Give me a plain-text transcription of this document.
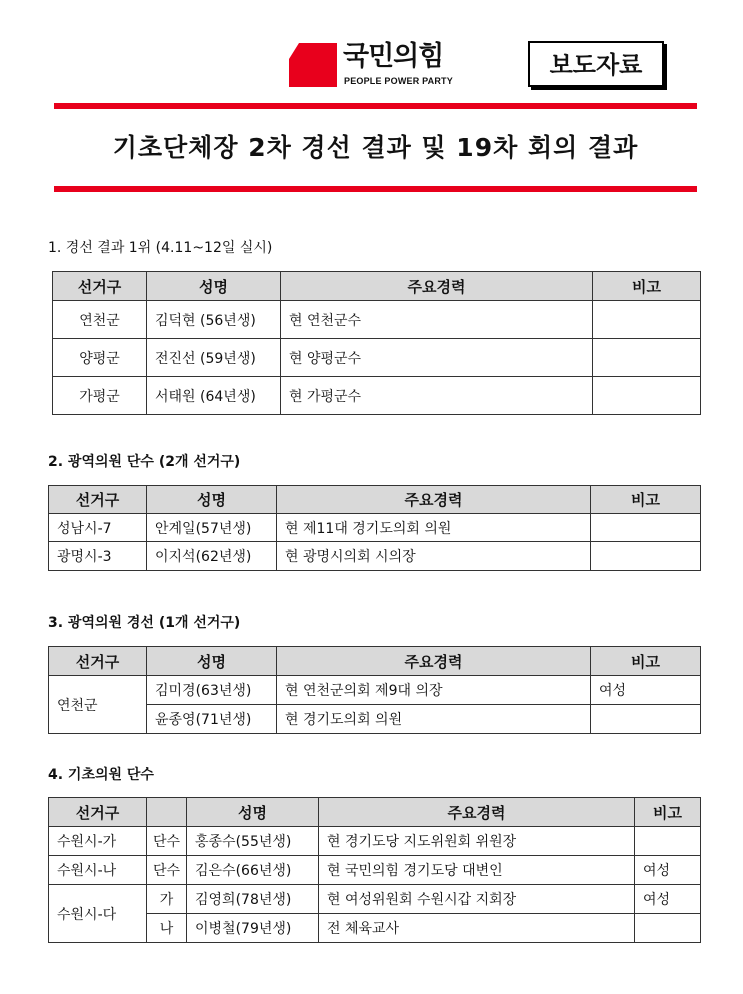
국민의힘
PEOPLE POWER PARTY
보도자료
기초단체장 2차 경선 결과 및 19차 회의 결과
1. 경선 결과 1위 (4.11~12일 실시)
선거구	성명	주요경력	비고
연천군	김덕현 (56년생)	현 연천군수	
양평군	전진선 (59년생)	현 양평군수	
가평군	서태원 (64년생)	현 가평군수	
2. 광역의원 단수 (2개 선거구)
선거구	성명	주요경력	비고
성남시-7	안계일(57년생)	현 제11대 경기도의회 의원	
광명시-3	이지석(62년생)	현 광명시의회 시의장	
3. 광역의원 경선 (1개 선거구)
선거구	성명	주요경력	비고
연천군	김미경(63년생)	현 연천군의회 제9대 의장	여성
	윤종영(71년생)	현 경기도의회 의원	
4. 기초의원 단수
선거구		성명	주요경력	비고
수원시-가	단수	홍종수(55년생)	현 경기도당 지도위원회 위원장	
수원시-나	단수	김은수(66년생)	현 국민의힘 경기도당 대변인	여성
수원시-다	가	김영희(78년생)	현 여성위원회 수원시갑 지회장	여성
	나	이병철(79년생)	전 체육교사	
